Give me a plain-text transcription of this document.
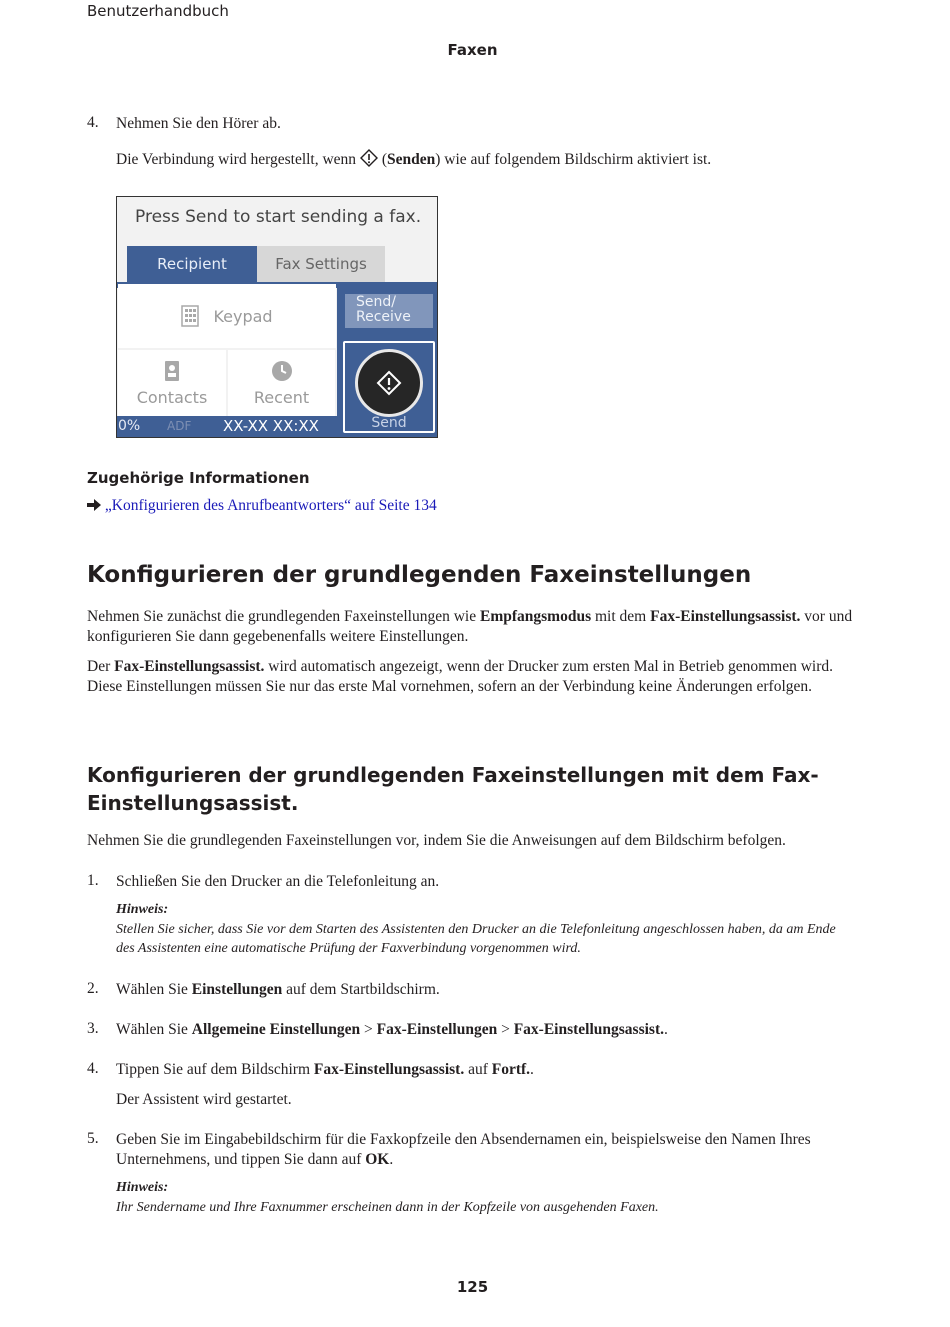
Benutzerhandbuch
Faxen
4. Nehmen Sie den Hörer ab.
Die Verbindung wird hergestellt, wenn  (Senden) wie auf folgendem Bildschirm aktiviert ist.
Press Send to start sending a fax.
Recipient	Fax Settings
Keypad
Send/
Receive
Contacts	Recent
Send
0% ADF XX-XX XX:XX
Zugehörige Informationen
„Konfigurieren des Anrufbeantworters“ auf Seite 134
Konfigurieren der grundlegenden Faxeinstellungen

Nehmen Sie zunächst die grundlegenden Faxeinstellungen wie Empfangsmodus mit dem Fax-Einstellungsassist. vor und konfigurieren Sie dann gegebenenfalls weitere Einstellungen.

Der Fax-Einstellungsassist. wird automatisch angezeigt, wenn der Drucker zum ersten Mal in Betrieb genommen wird. Diese Einstellungen müssen Sie nur das erste Mal vornehmen, sofern an der Verbindung keine Änderungen erfolgen.

Konfigurieren der grundlegenden Faxeinstellungen mit dem Fax-
Einstellungsassist.

Nehmen Sie die grundlegenden Faxeinstellungen vor, indem Sie die Anweisungen auf dem Bildschirm befolgen.

1. Schließen Sie den Drucker an die Telefonleitung an.
Hinweis:
Stellen Sie sicher, dass Sie vor dem Starten des Assistenten den Drucker an die Telefonleitung angeschlossen haben, da am Ende des Assistenten eine automatische Prüfung der Faxverbindung vorgenommen wird.
2. Wählen Sie Einstellungen auf dem Startbildschirm.
3. Wählen Sie Allgemeine Einstellungen > Fax-Einstellungen > Fax-Einstellungsassist..
4. Tippen Sie auf dem Bildschirm Fax-Einstellungsassist. auf Fortf..
Der Assistent wird gestartet.
5. Geben Sie im Eingabebildschirm für die Faxkopfzeile den Absendernamen ein, beispielsweise den Namen Ihres Unternehmens, und tippen Sie dann auf OK.
Hinweis:
Ihr Sendername und Ihre Faxnummer erscheinen dann in der Kopfzeile von ausgehenden Faxen.
125
